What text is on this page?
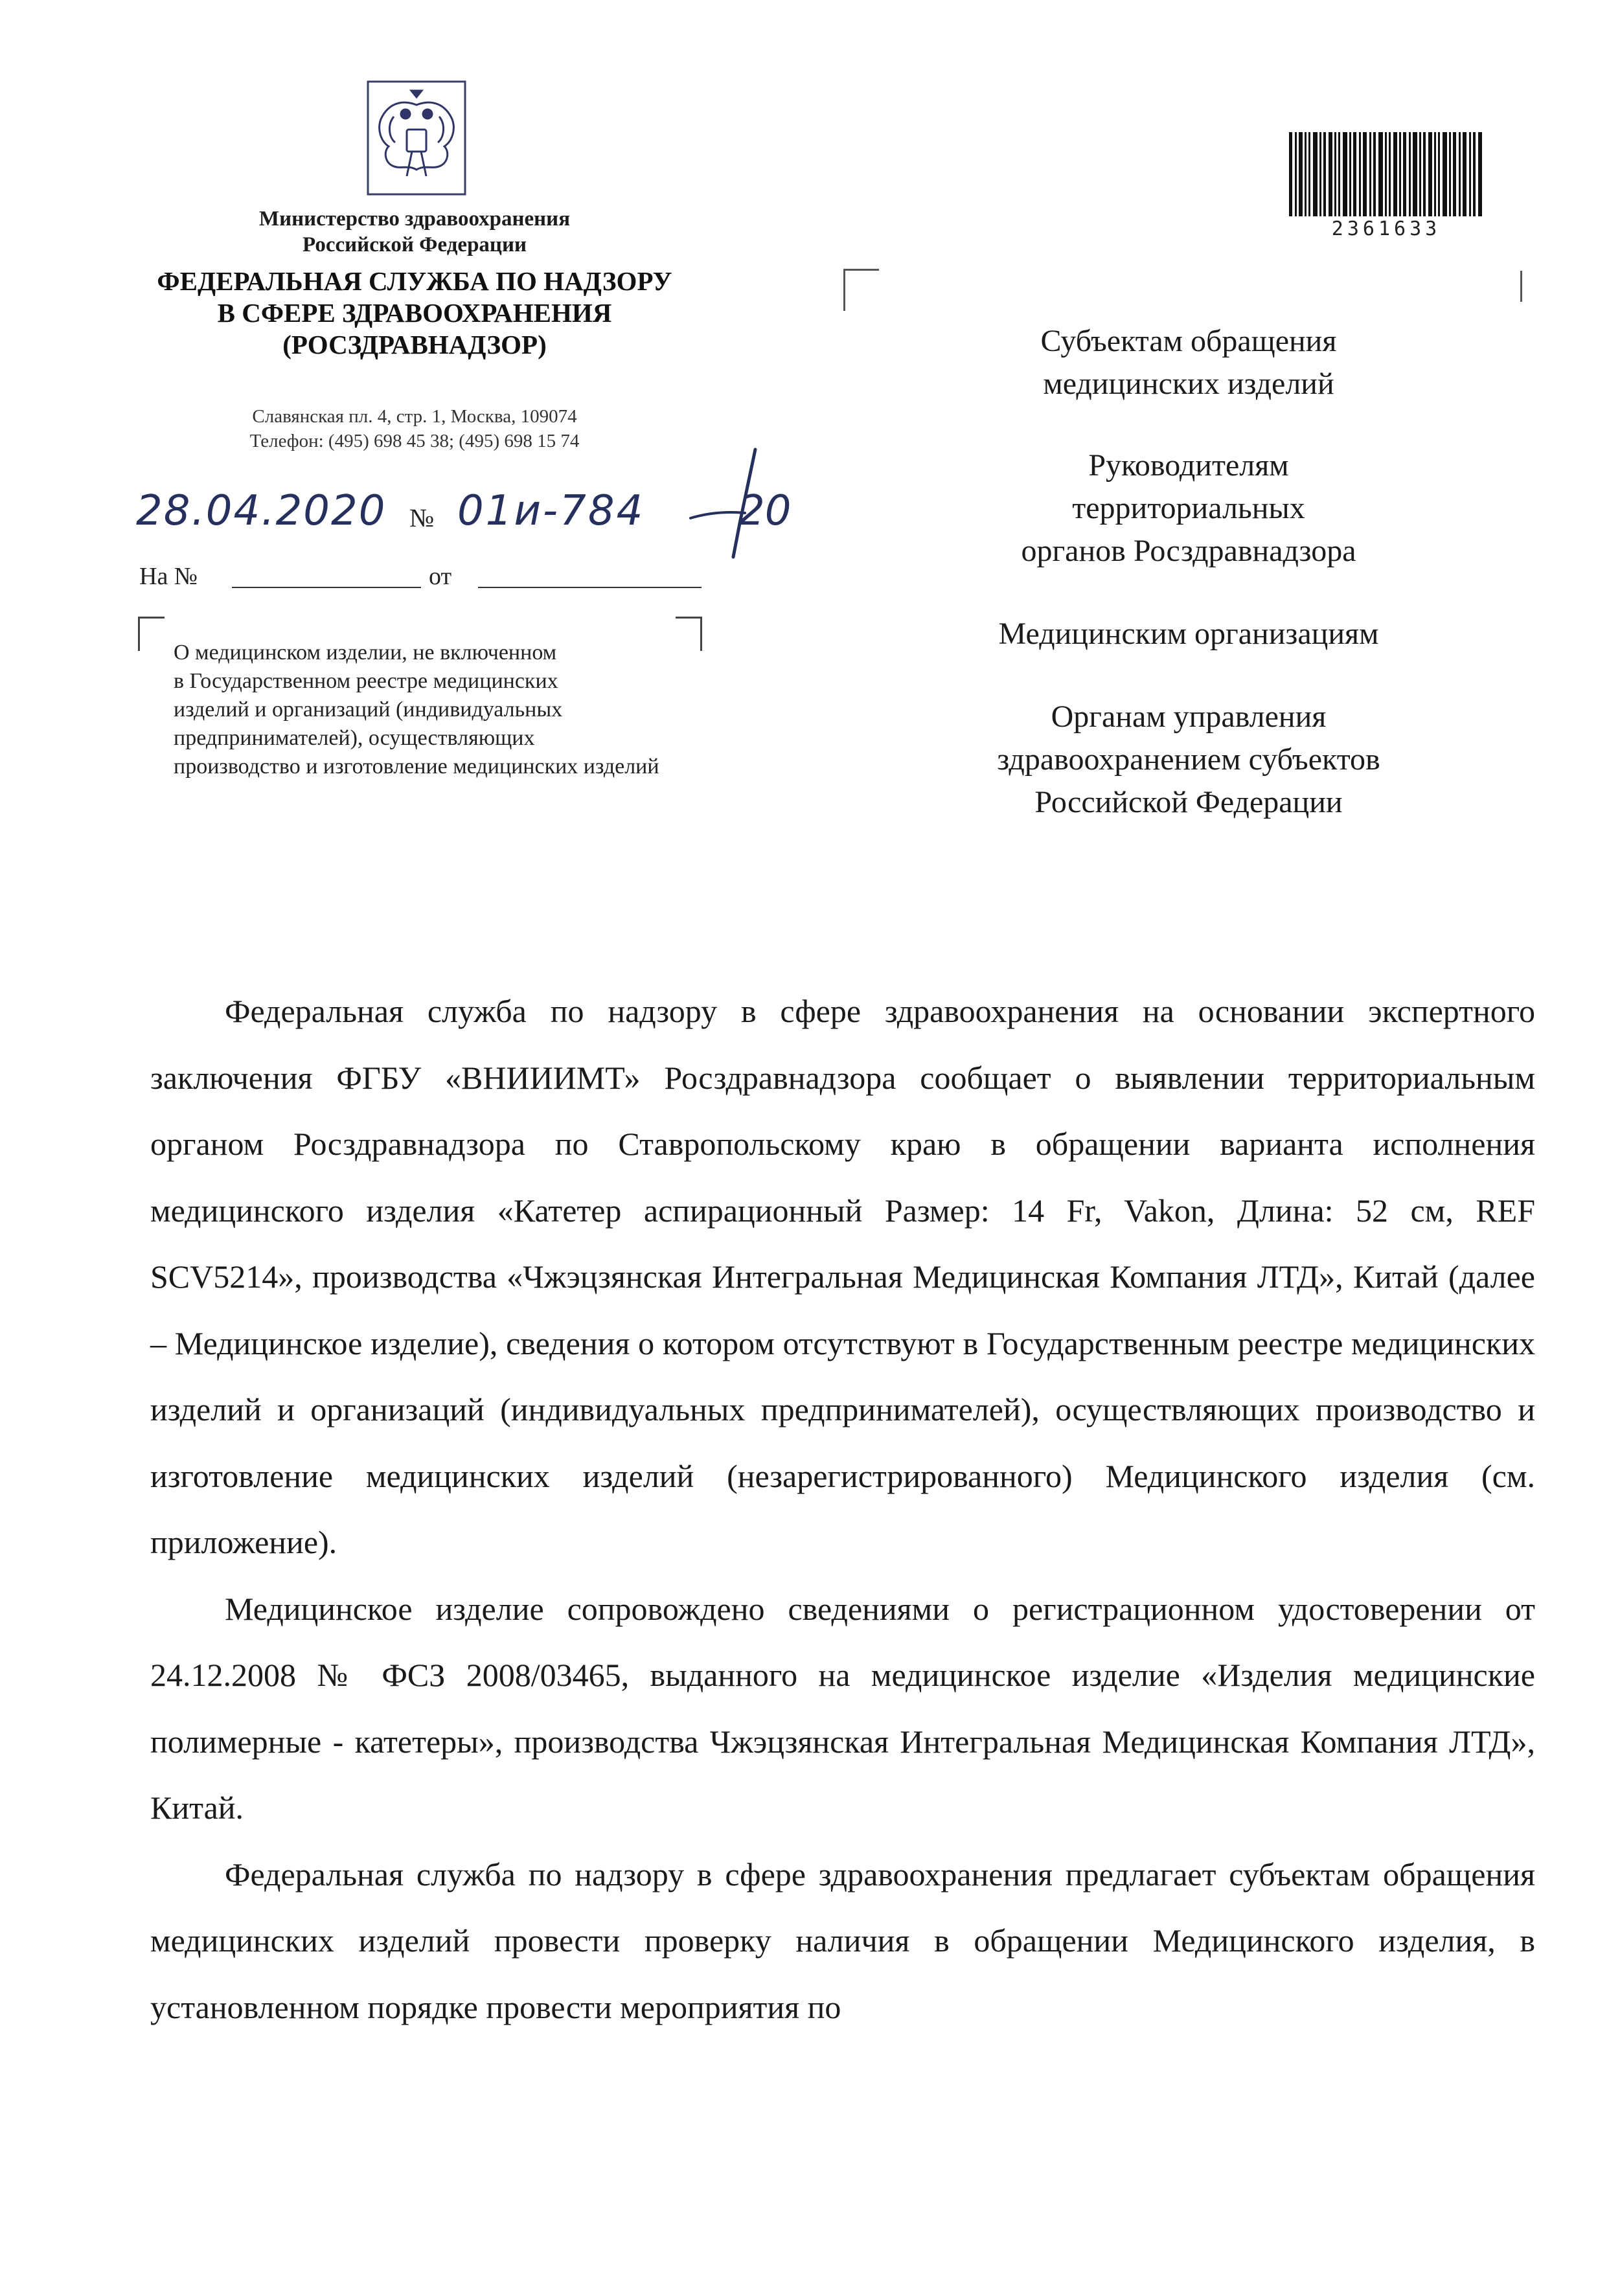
Министерство здравоохранения
Российской Федерации
ФЕДЕРАЛЬНАЯ СЛУЖБА ПО НАДЗОРУ
В СФЕРЕ ЗДРАВООХРАНЕНИЯ
(РОСЗДРАВНАДЗОР)
Славянская пл. 4, стр. 1, Москва, 109074
Телефон: (495) 698 45 38; (495) 698 15 74
28.04.2020 № 01и-784 20
На №	от
О медицинском изделии, не включенном
в Государственном реестре медицинских
изделий и организаций (индивидуальных
предпринимателей), осуществляющих
производство и изготовление медицинских изделий
2361633
Субъектам обращения
медицинских изделий
Руководителям
территориальных
органов Росздравнадзора
Медицинским организациям
Органам управления
здравоохранением субъектов
Российской Федерации

Федеральная служба по надзору в сфере здравоохранения на основании экспертного заключения ФГБУ «ВНИИИМТ» Росздравнадзора сообщает о выявлении территориальным органом Росздравнадзора по Ставропольскому краю в обращении варианта исполнения медицинского изделия «Катетер аспирационный Размер: 14 Fr, Vakon, Длина: 52 см, REF SCV5214», производства «Чжэцзянская Интегральная Медицинская Компания ЛТД», Китай (далее – Медицинское изделие), сведения о котором отсутствуют в Государственным реестре медицинских изделий и организаций (индивидуальных предпринимателей), осуществляющих производство и изготовление медицинских изделий (незарегистрированного) Медицинского изделия (см. приложение).

Медицинское изделие сопровождено сведениями о регистрационном удостоверении от 24.12.2008 № ФСЗ 2008/03465, выданного на медицинское изделие «Изделия медицинские полимерные - катетеры», производства Чжэцзянская Интегральная Медицинская Компания ЛТД», Китай.

Федеральная служба по надзору в сфере здравоохранения предлагает субъектам обращения медицинских изделий провести проверку наличия в обращении Медицинского изделия, в установленном порядке провести мероприятия по
